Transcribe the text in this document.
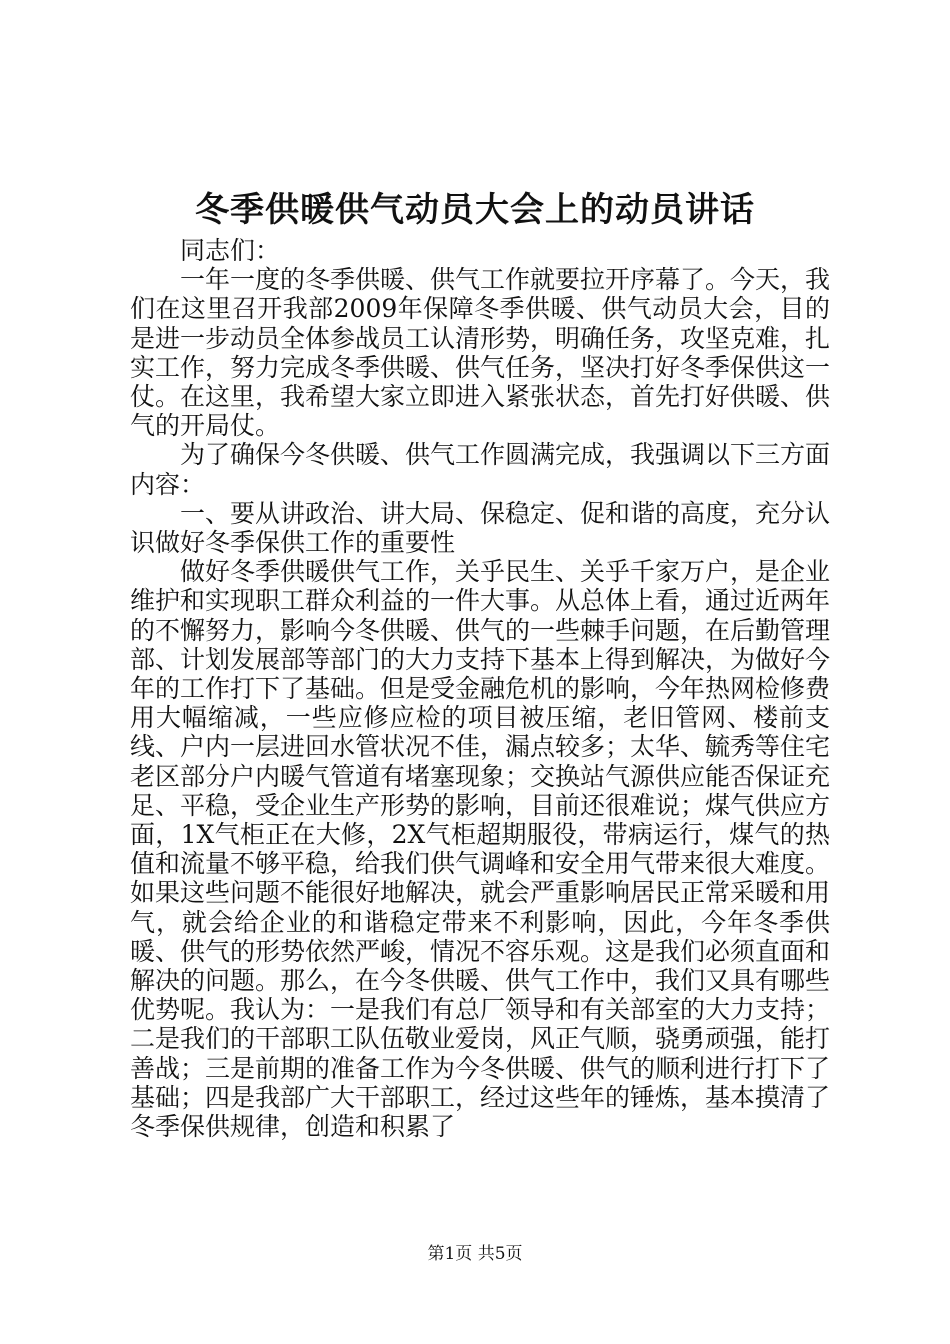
冬季供暖供气动员大会上的动员讲话

同志们：

一年一度的冬季供暖、供气工作就要拉开序幕了。今天，我们在这里召开我部2009年保障冬季供暖、供气动员大会，目的是进一步动员全体参战员工认清形势，明确任务，攻坚克难，扎实工作，努力完成冬季供暖、供气任务，坚决打好冬季保供这一仗。在这里，我希望大家立即进入紧张状态，首先打好供暖、供气的开局仗。

为了确保今冬供暖、供气工作圆满完成，我强调以下三方面内容：

一、要从讲政治、讲大局、保稳定、促和谐的高度，充分认识做好冬季保供工作的重要性

做好冬季供暖供气工作，关乎民生、关乎千家万户，是企业维护和实现职工群众利益的一件大事。从总体上看，通过近两年的不懈努力，影响今冬供暖、供气的一些棘手问题，在后勤管理部、计划发展部等部门的大力支持下基本上得到解决，为做好今年的工作打下了基础。但是受金融危机的影响，今年热网检修费用大幅缩减，一些应修应检的项目被压缩，老旧管网、楼前支线、户内一层进回水管状况不佳，漏点较多；太华、毓秀等住宅老区部分户内暖气管道有堵塞现象；交换站气源供应能否保证充足、平稳，受企业生产形势的影响，目前还很难说；煤气供应方面，1X气柜正在大修，2X气柜超期服役，带病运行，煤气的热值和流量不够平稳，给我们供气调峰和安全用气带来很大难度。如果这些问题不能很好地解决，就会严重影响居民正常采暖和用气，就会给企业的和谐稳定带来不利影响，因此，今年冬季供暖、供气的形势依然严峻，情况不容乐观。这是我们必须直面和解决的问题。那么，在今冬供暖、供气工作中，我们又具有哪些优势呢。我认为：一是我们有总厂领导和有关部室的大力支持；二是我们的干部职工队伍敬业爱岗，风正气顺，骁勇顽强，能打善战；三是前期的准备工作为今冬供暖、供气的顺利进行打下了基础；四是我部广大干部职工，经过这些年的锤炼，基本摸清了冬季保供规律，创造和积累了

第1页 共5页
